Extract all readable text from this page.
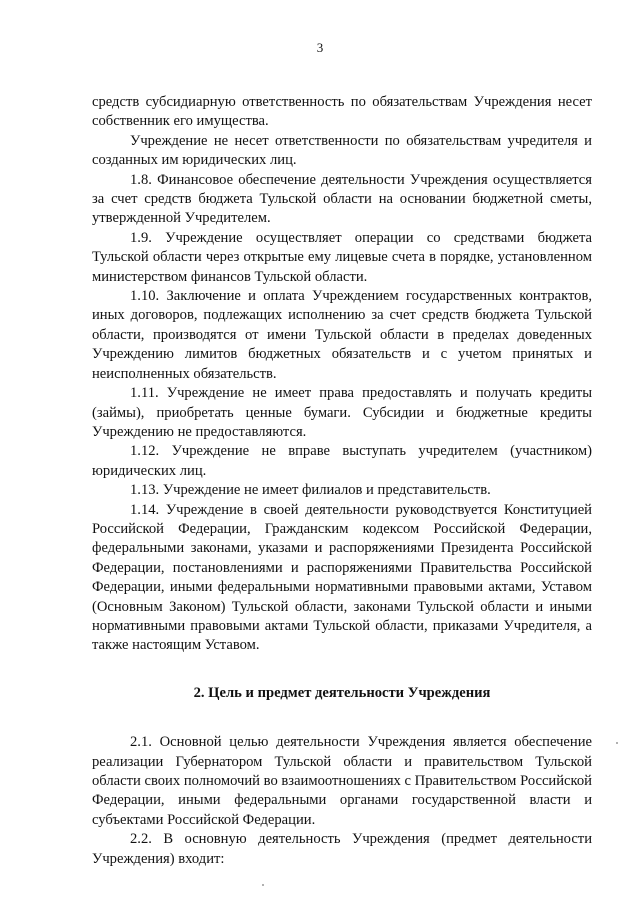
3

средств субсидиарную ответственность по обязательствам Учреждения несет собственник его имущества.

Учреждение не несет ответственности по обязательствам учредителя и созданных им юридических лиц.

1.8. Финансовое обеспечение деятельности Учреждения осуществляется за счет средств бюджета Тульской области на основании бюджетной сметы, утвержденной Учредителем.

1.9. Учреждение осуществляет операции со средствами бюджета Тульской области через открытые ему лицевые счета в порядке, установленном министерством финансов Тульской области.

1.10. Заключение и оплата Учреждением государственных контрактов, иных договоров, подлежащих исполнению за счет средств бюджета Тульской области, производятся от имени Тульской области в пределах доведенных Учреждению лимитов бюджетных обязательств и с учетом принятых и неисполненных обязательств.

1.11. Учреждение не имеет права предоставлять и получать кредиты (займы), приобретать ценные бумаги. Субсидии и бюджетные кредиты Учреждению не предоставляются.

1.12. Учреждение не вправе выступать учредителем (участником) юридических лиц.

1.13. Учреждение не имеет филиалов и представительств.

1.14. Учреждение в своей деятельности руководствуется Конституцией Российской Федерации, Гражданским кодексом Российской Федерации, федеральными законами, указами и распоряжениями Президента Российской Федерации, постановлениями и распоряжениями Правительства Российской Федерации, иными федеральными нормативными правовыми актами, Уставом (Основным Законом) Тульской области, законами Тульской области и иными нормативными правовыми актами Тульской области, приказами Учредителя, а также настоящим Уставом.

2. Цель и предмет деятельности Учреждения

2.1. Основной целью деятельности Учреждения является обеспечение реализации Губернатором Тульской области и правительством Тульской области своих полномочий во взаимоотношениях с Правительством Российской Федерации, иными федеральными органами государственной власти и субъектами Российской Федерации.

2.2. В основную деятельность Учреждения (предмет деятельности Учреждения) входит:
